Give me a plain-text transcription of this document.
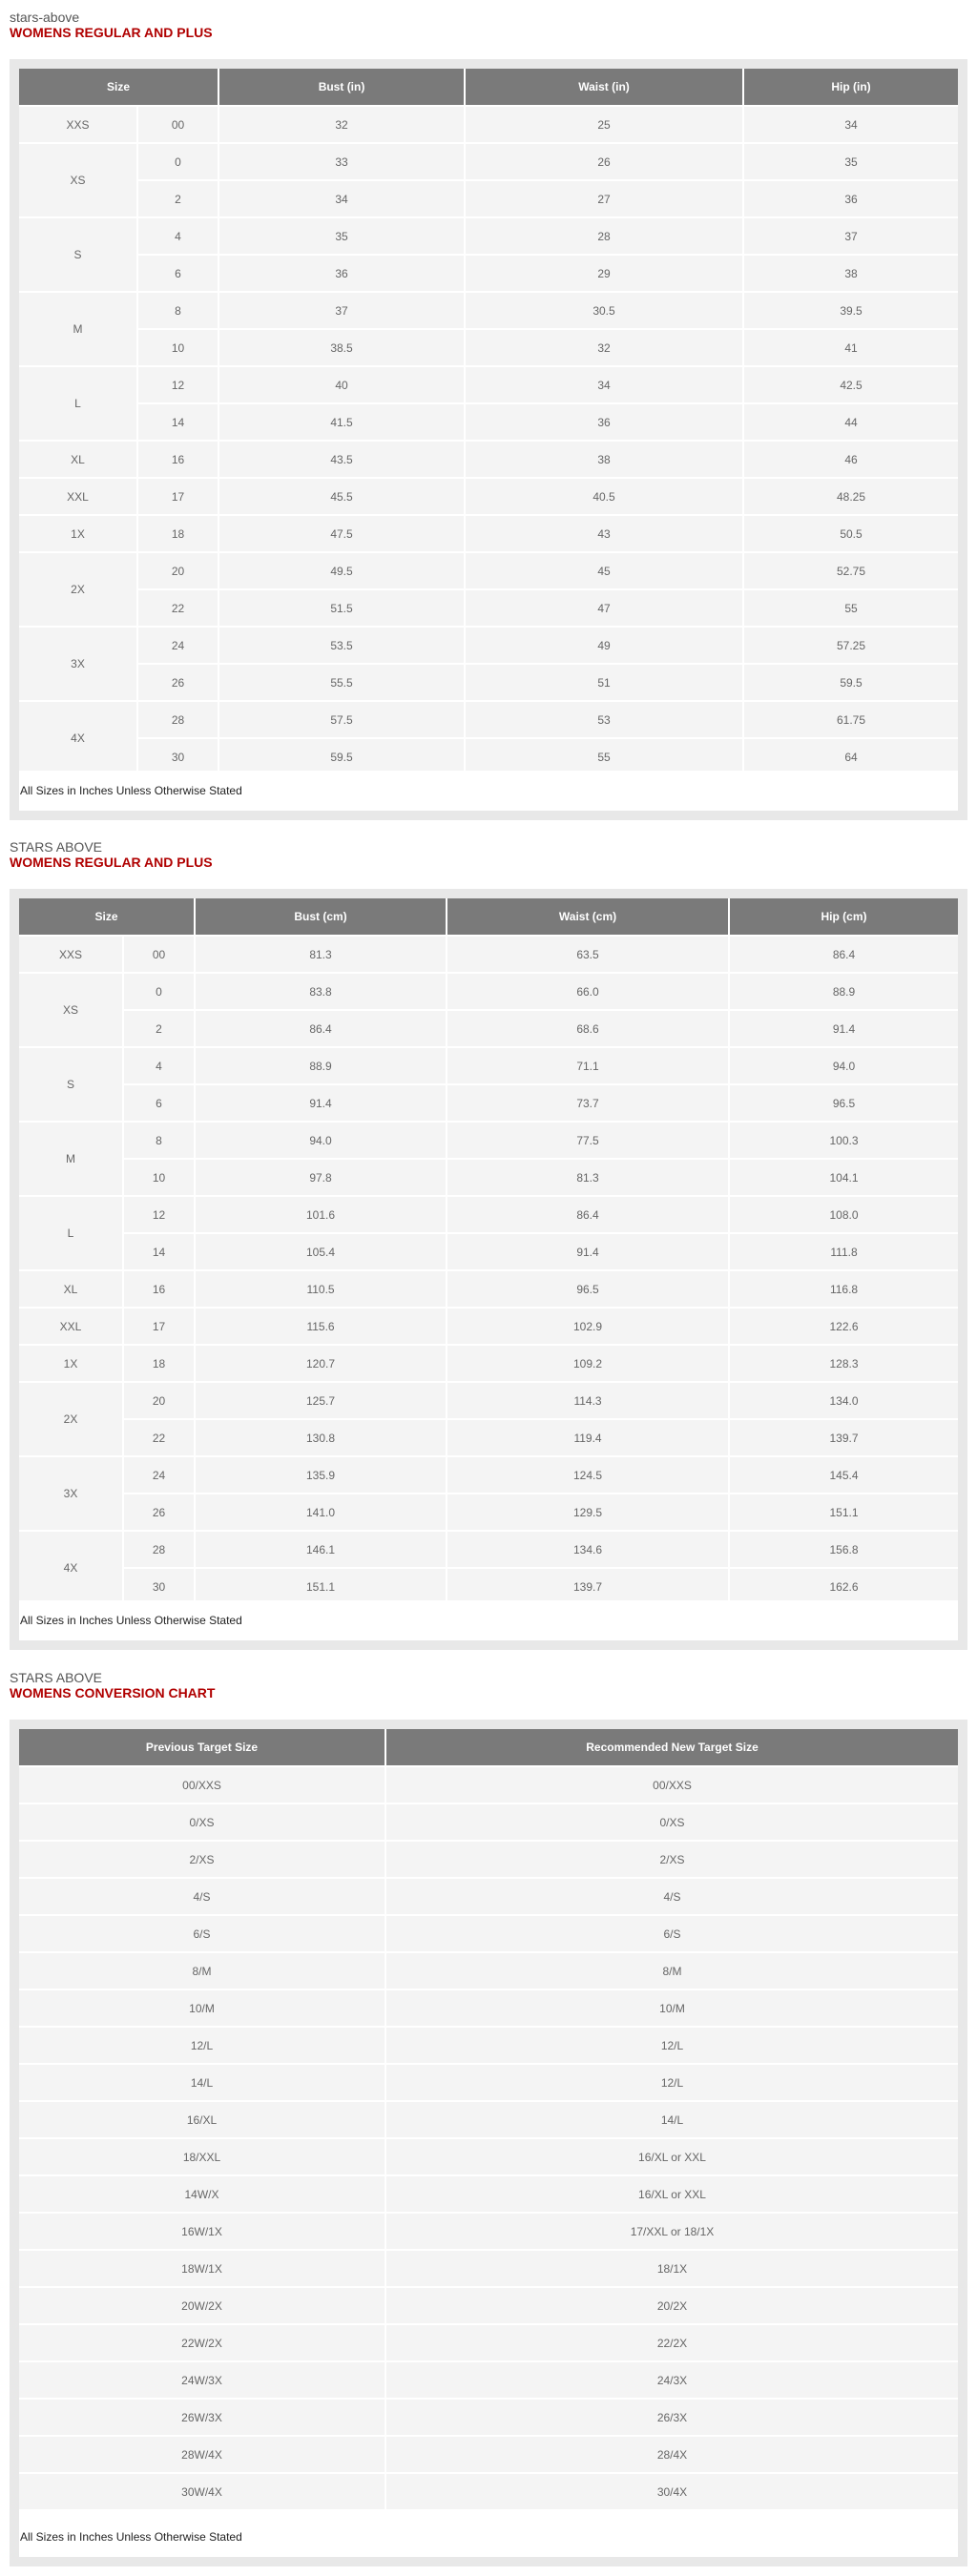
stars-above
WOMENS REGULAR AND PLUS
Size		Bust (in)	Waist (in)	Hip (in)
XXS	00	32	25	34
XS	0	33	26	35
	2	34	27	36
S	4	35	28	37
	6	36	29	38
M	8	37	30.5	39.5
	10	38.5	32	41
L	12	40	34	42.5
	14	41.5	36	44
XL	16	43.5	38	46
XXL	17	45.5	40.5	48.25
1X	18	47.5	43	50.5
2X	20	49.5	45	52.75
	22	51.5	47	55
3X	24	53.5	49	57.25
	26	55.5	51	59.5
4X	28	57.5	53	61.75
	30	59.5	55	64
All Sizes in Inches Unless Otherwise Stated
STARS ABOVE
WOMENS REGULAR AND PLUS
Size		Bust (cm)	Waist (cm)	Hip (cm)
XXS	00	81.3	63.5	86.4
XS	0	83.8	66.0	88.9
	2	86.4	68.6	91.4
S	4	88.9	71.1	94.0
	6	91.4	73.7	96.5
M	8	94.0	77.5	100.3
	10	97.8	81.3	104.1
L	12	101.6	86.4	108.0
	14	105.4	91.4	111.8
XL	16	110.5	96.5	116.8
XXL	17	115.6	102.9	122.6
1X	18	120.7	109.2	128.3
2X	20	125.7	114.3	134.0
	22	130.8	119.4	139.7
3X	24	135.9	124.5	145.4
	26	141.0	129.5	151.1
4X	28	146.1	134.6	156.8
	30	151.1	139.7	162.6
All Sizes in Inches Unless Otherwise Stated
STARS ABOVE
WOMENS CONVERSION CHART
Previous Target Size	Recommended New Target Size
00/XXS	00/XXS
0/XS	0/XS
2/XS	2/XS
4/S	4/S
6/S	6/S
8/M	8/M
10/M	10/M
12/L	12/L
14/L	12/L
16/XL	14/L
18/XXL	16/XL or XXL
14W/X	16/XL or XXL
16W/1X	17/XXL or 18/1X
18W/1X	18/1X
20W/2X	20/2X
22W/2X	22/2X
24W/3X	24/3X
26W/3X	26/3X
28W/4X	28/4X
30W/4X	30/4X
All Sizes in Inches Unless Otherwise Stated
